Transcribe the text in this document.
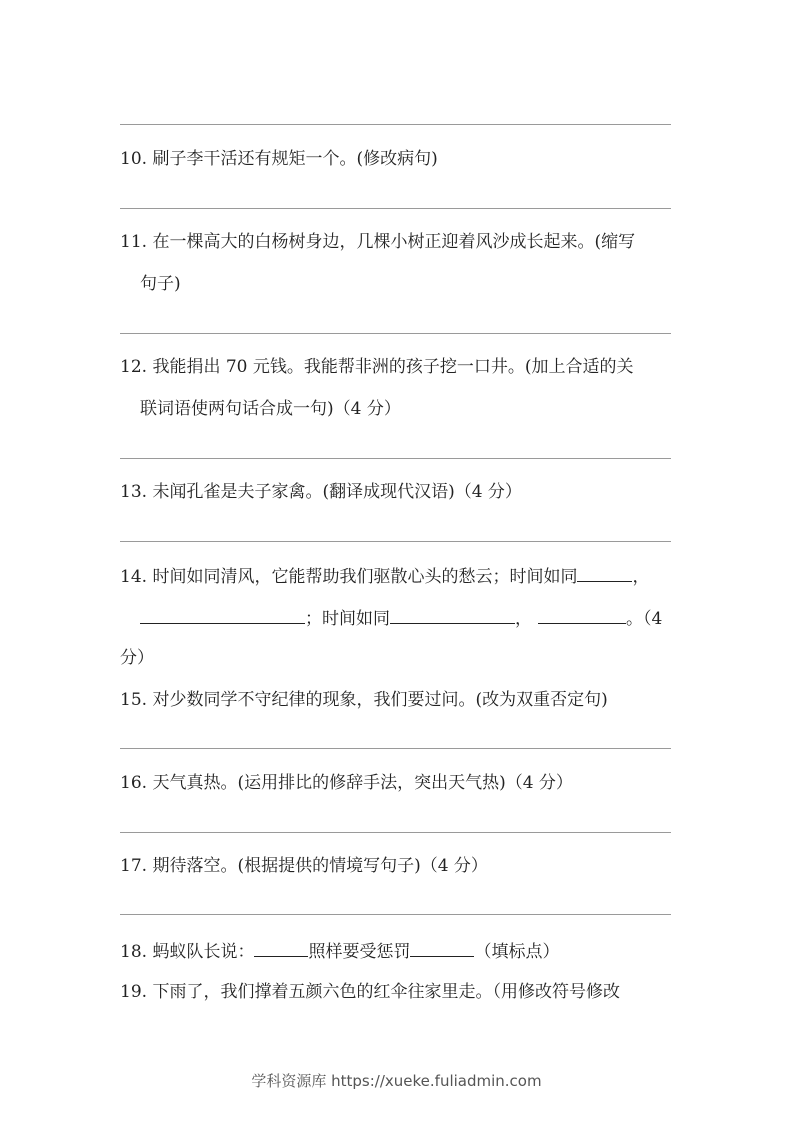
10. 刷子李干活还有规矩一个。(修改病句)
11. 在一棵高大的白杨树身边，几棵小树正迎着风沙成长起来。(缩写
句子)
12. 我能捐出 70 元钱。我能帮非洲的孩子挖一口井。(加上合适的关
联词语使两句话合成一句)（4 分）
13. 未闻孔雀是夫子家禽。(翻译成现代汉语)（4 分）
14. 时间如同清风，它能帮助我们驱散心头的愁云；时间如同	，
；时间如同	，	。（4
分）
15. 对少数同学不守纪律的现象，我们要过问。(改为双重否定句)
16. 天气真热。(运用排比的修辞手法，突出天气热)（4 分）
17. 期待落空。(根据提供的情境写句子)（4 分）
18. 蚂蚁队长说：	照样要受惩罚	（填标点）
19. 下雨了，我们撑着五颜六色的红伞往家里走。（用修改符号修改
学科资源库 https://xueke.fuliadmin.com
